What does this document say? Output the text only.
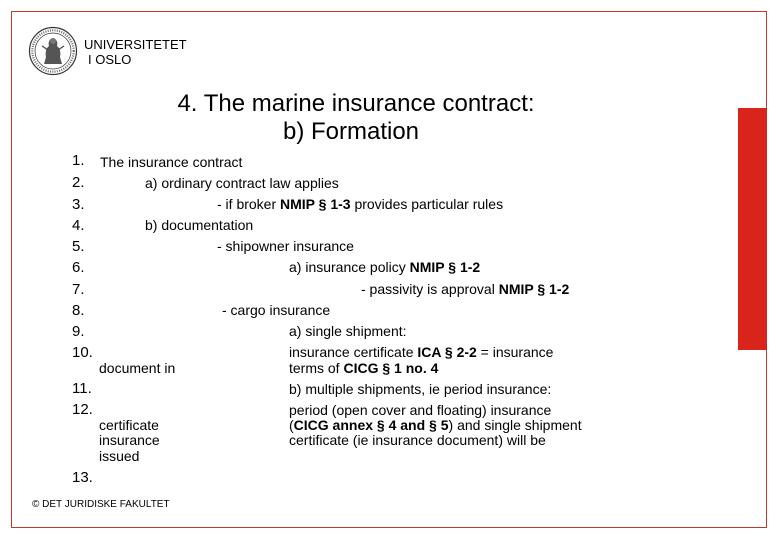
UNIVERSITETET
I OSLO
4. The marine insurance contract:
b) Formation
1.
2.
3.
4.
5.
6.
7.
8.
9.
10.
11.
12.
13.
The insurance contract
a) ordinary contract law applies
- if broker NMIP § 1-3 provides particular rules
b) documentation
- shipowner insurance
a) insurance policy NMIP § 1-2
- passivity is approval NMIP § 1-2
- cargo insurance
a) single shipment:
insurance certificate ICA § 2-2 = insurance
document in	terms of CICG § 1 no. 4
b) multiple shipments, ie period insurance:
period (open cover and floating) insurance
certificate	(CICG annex § 4 and § 5) and single shipment
insurance	certificate (ie insurance document) will be
issued
© DET JURIDISKE FAKULTET
